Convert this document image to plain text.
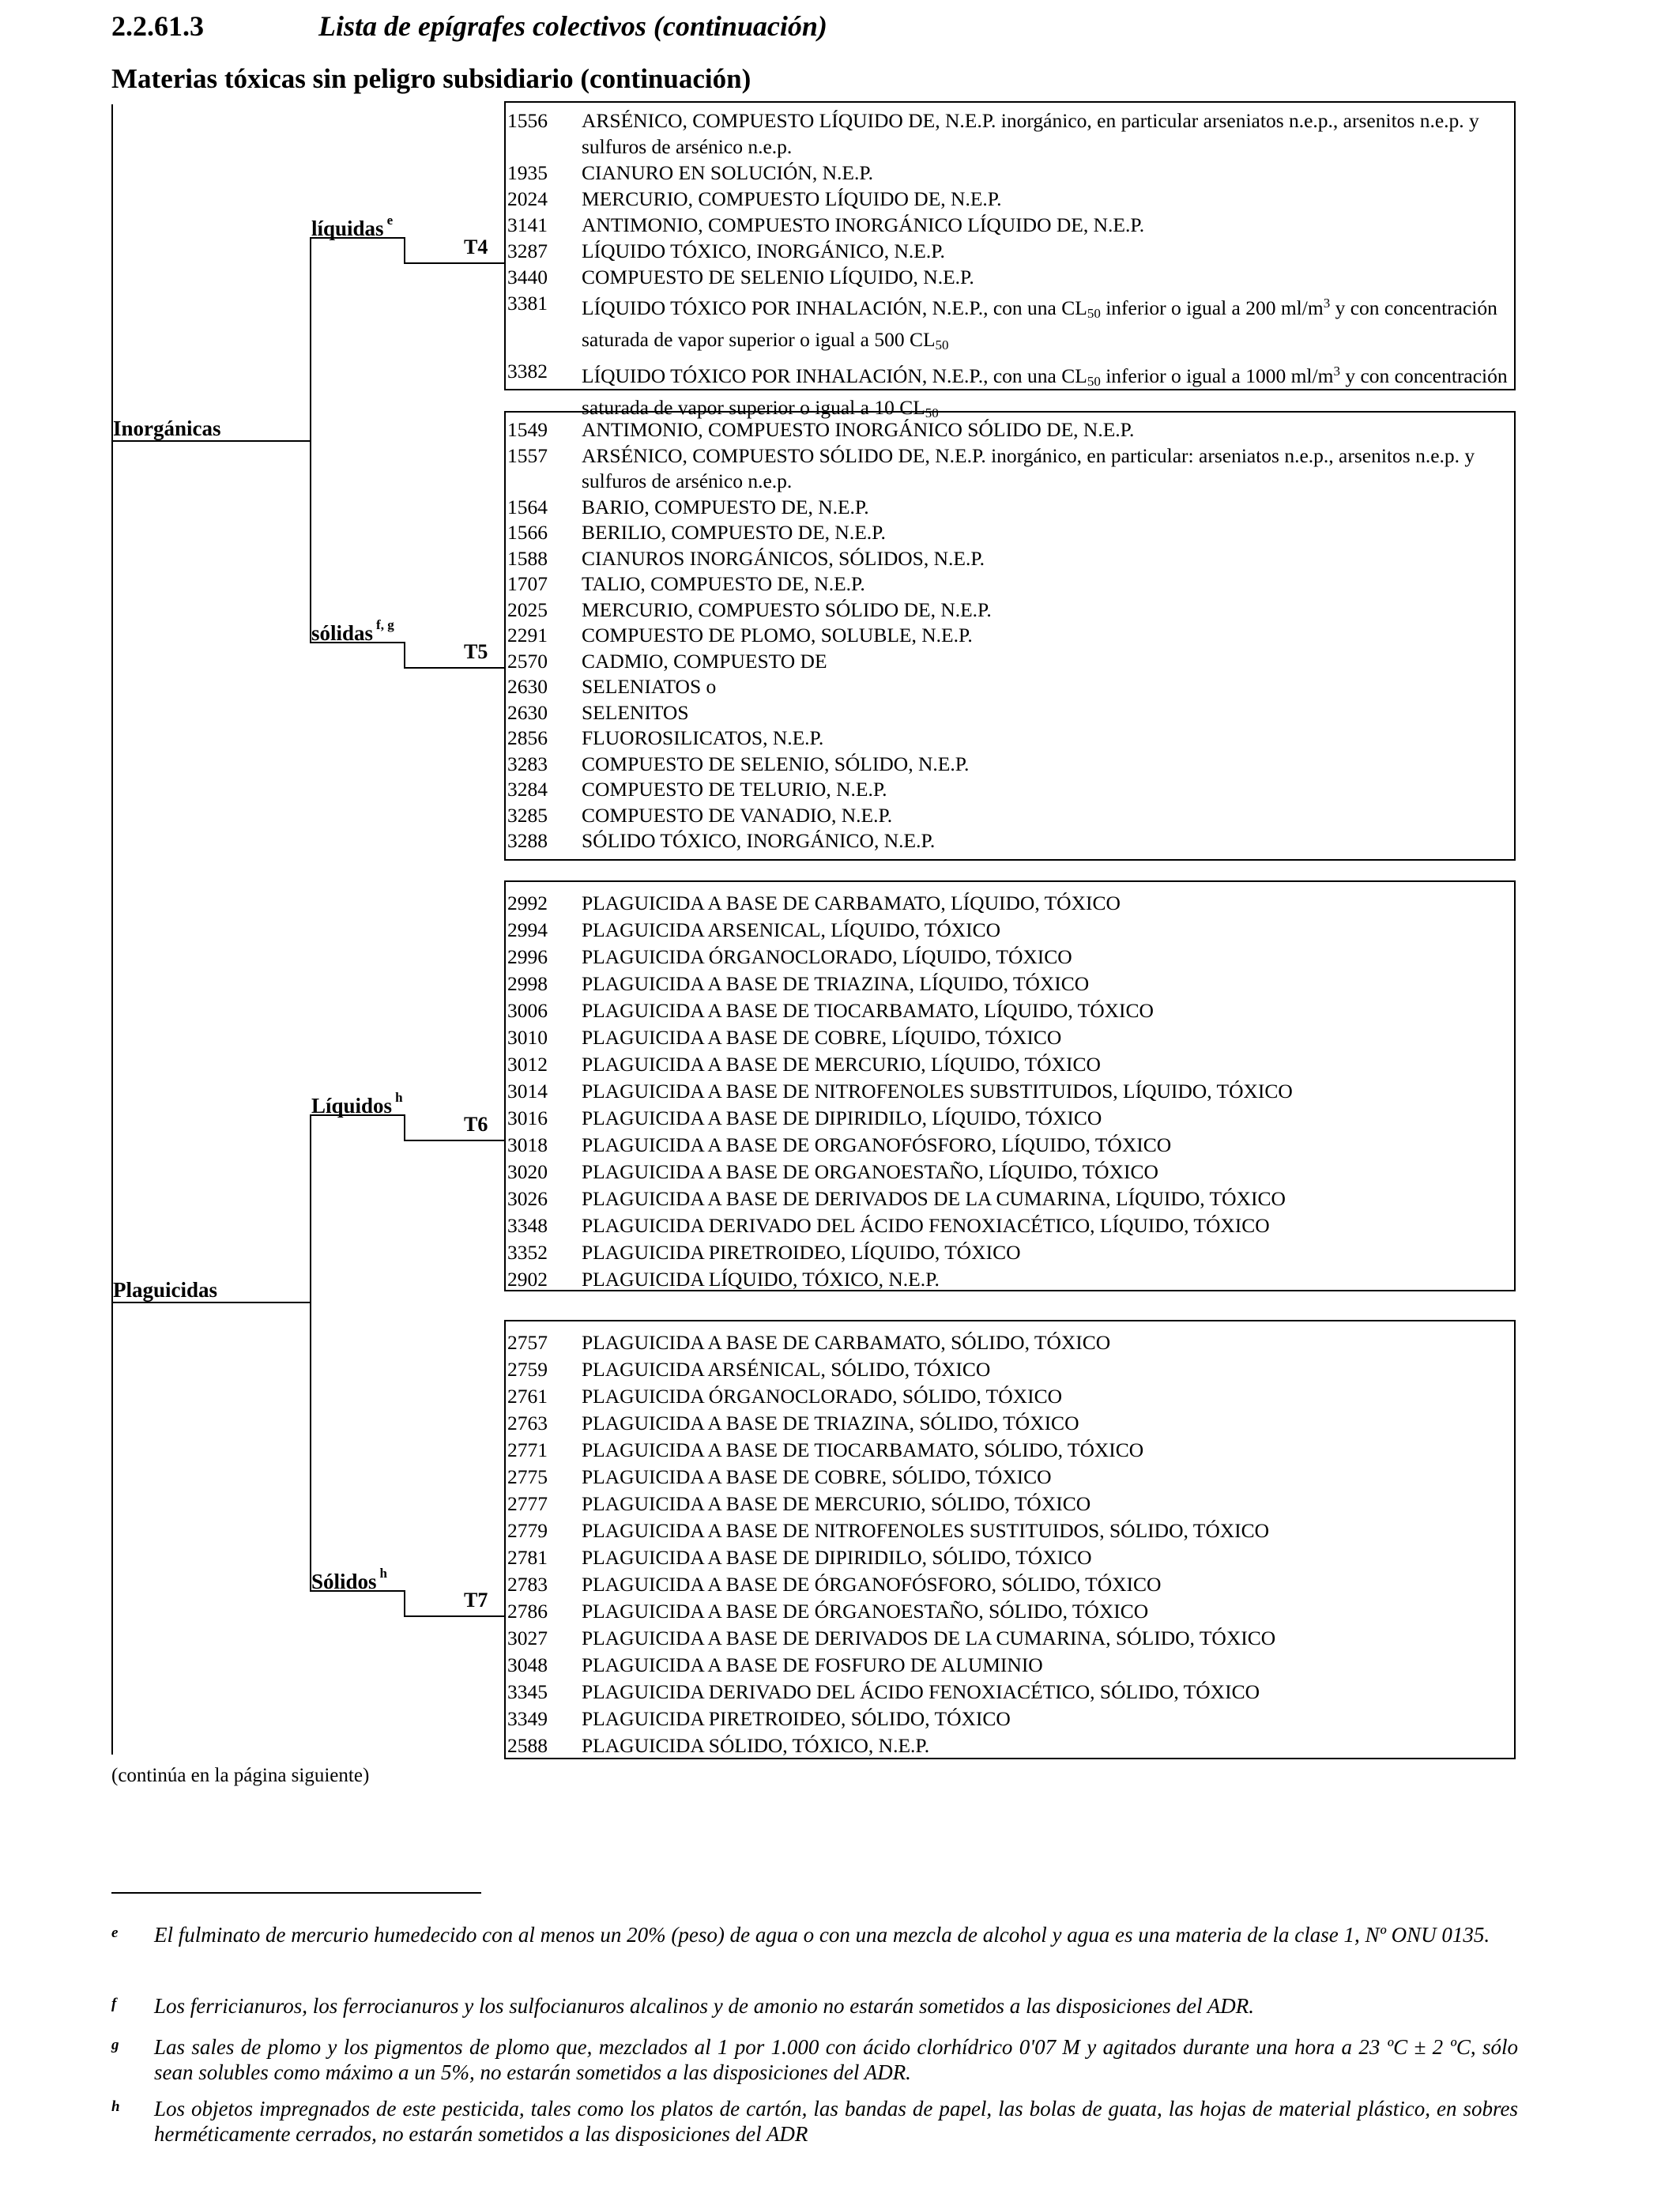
2.2.61.3	Lista de epígrafes colectivos (continuación)
Materias tóxicas sin peligro subsidiario (continuación)
Inorgánicas
Plaguicidas
líquidas $^e$
sólidas $^{f, g}$
Líquidos $^h$
Sólidos $^h$
T4
T5
T6
T7
1556	ARSÉNICO, COMPUESTO LÍQUIDO DE, N.E.P. inorgánico, en particular arseniatos n.e.p., arsenitos n.e.p. y sulfuros de arsénico n.e.p.
1935	CIANURO EN SOLUCIÓN, N.E.P.
2024	MERCURIO, COMPUESTO LÍQUIDO DE, N.E.P.
3141	ANTIMONIO, COMPUESTO INORGÁNICO LÍQUIDO DE, N.E.P.
3287	LÍQUIDO TÓXICO, INORGÁNICO, N.E.P.
3440	COMPUESTO DE SELENIO LÍQUIDO, N.E.P.
3381	LÍQUIDO TÓXICO POR INHALACIÓN, N.E.P., con una CL50 inferior o igual a 200 $ml/m^3$ y con concentración saturada de vapor superior o igual a 500 CL50
3382	LÍQUIDO TÓXICO POR INHALACIÓN, N.E.P., con una CL50 inferior o igual a 1000 $ml/m^3$ y con concentración saturada de vapor superior o igual a 10 CL50
1549	ANTIMONIO, COMPUESTO INORGÁNICO SÓLIDO DE, N.E.P.
1557	ARSÉNICO, COMPUESTO SÓLIDO DE, N.E.P. inorgánico, en particular: arseniatos n.e.p., arsenitos n.e.p. y sulfuros de arsénico n.e.p.
1564	BARIO, COMPUESTO DE, N.E.P.
1566	BERILIO, COMPUESTO DE, N.E.P.
1588	CIANUROS INORGÁNICOS, SÓLIDOS, N.E.P.
1707	TALIO, COMPUESTO DE, N.E.P.
2025	MERCURIO, COMPUESTO SÓLIDO DE, N.E.P.
2291	COMPUESTO DE PLOMO, SOLUBLE, N.E.P.
2570	CADMIO, COMPUESTO DE
2630	SELENIATOS o
2630	SELENITOS
2856	FLUOROSILICATOS, N.E.P.
3283	COMPUESTO DE SELENIO, SÓLIDO, N.E.P.
3284	COMPUESTO DE TELURIO, N.E.P.
3285	COMPUESTO DE VANADIO, N.E.P.
3288	SÓLIDO TÓXICO, INORGÁNICO, N.E.P.
2992	PLAGUICIDA A BASE DE CARBAMATO, LÍQUIDO, TÓXICO
2994	PLAGUICIDA ARSENICAL, LÍQUIDO, TÓXICO
2996	PLAGUICIDA ÓRGANOCLORADO, LÍQUIDO, TÓXICO
2998	PLAGUICIDA A BASE DE TRIAZINA, LÍQUIDO, TÓXICO
3006	PLAGUICIDA A BASE DE TIOCARBAMATO, LÍQUIDO, TÓXICO
3010	PLAGUICIDA A BASE DE COBRE, LÍQUIDO, TÓXICO
3012	PLAGUICIDA A BASE DE MERCURIO, LÍQUIDO, TÓXICO
3014	PLAGUICIDA A BASE DE NITROFENOLES SUBSTITUIDOS, LÍQUIDO, TÓXICO
3016	PLAGUICIDA A BASE DE DIPIRIDILO, LÍQUIDO, TÓXICO
3018	PLAGUICIDA A BASE DE ORGANOFÓSFORO, LÍQUIDO, TÓXICO
3020	PLAGUICIDA A BASE DE ORGANOESTAÑO, LÍQUIDO, TÓXICO
3026	PLAGUICIDA A BASE DE DERIVADOS DE LA CUMARINA, LÍQUIDO, TÓXICO
3348	PLAGUICIDA DERIVADO DEL ÁCIDO FENOXIACÉTICO, LÍQUIDO, TÓXICO
3352	PLAGUICIDA PIRETROIDEO, LÍQUIDO, TÓXICO
2902	PLAGUICIDA LÍQUIDO, TÓXICO, N.E.P.
2757	PLAGUICIDA A BASE DE CARBAMATO, SÓLIDO, TÓXICO
2759	PLAGUICIDA ARSÉNICAL, SÓLIDO, TÓXICO
2761	PLAGUICIDA ÓRGANOCLORADO, SÓLIDO, TÓXICO
2763	PLAGUICIDA A BASE DE TRIAZINA, SÓLIDO, TÓXICO
2771	PLAGUICIDA A BASE DE TIOCARBAMATO, SÓLIDO, TÓXICO
2775	PLAGUICIDA A BASE DE COBRE, SÓLIDO, TÓXICO
2777	PLAGUICIDA A BASE DE MERCURIO, SÓLIDO, TÓXICO
2779	PLAGUICIDA A BASE DE NITROFENOLES SUSTITUIDOS, SÓLIDO, TÓXICO
2781	PLAGUICIDA A BASE DE DIPIRIDILO, SÓLIDO, TÓXICO
2783	PLAGUICIDA A BASE DE ÓRGANOFÓSFORO, SÓLIDO, TÓXICO
2786	PLAGUICIDA A BASE DE ÓRGANOESTAÑO, SÓLIDO, TÓXICO
3027	PLAGUICIDA A BASE DE DERIVADOS DE LA CUMARINA, SÓLIDO, TÓXICO
3048	PLAGUICIDA A BASE DE FOSFURO DE ALUMINIO
3345	PLAGUICIDA DERIVADO DEL ÁCIDO FENOXIACÉTICO, SÓLIDO, TÓXICO
3349	PLAGUICIDA PIRETROIDEO, SÓLIDO, TÓXICO
2588	PLAGUICIDA SÓLIDO, TÓXICO, N.E.P.
(continúa en la página siguiente)
e	El fulminato de mercurio humedecido con al menos un 20% (peso) de agua o con una mezcla de alcohol y agua es una materia de la clase 1, Nº ONU 0135.
f	Los ferricianuros, los ferrocianuros y los sulfocianuros alcalinos y de amonio no estarán sometidos a las disposiciones del ADR.
g	Las sales de plomo y los pigmentos de plomo que, mezclados al 1 por 1.000 con ácido clorhídrico 0'07 M y agitados durante una hora a 23 ºC ± 2 ºC, sólo sean solubles como máximo a un 5%, no estarán sometidos a las disposiciones del ADR.
h	Los objetos impregnados de este pesticida, tales como los platos de cartón, las bandas de papel, las bolas de guata, las hojas de material plástico, en sobres herméticamente cerrados, no estarán sometidos a las disposiciones del ADR
